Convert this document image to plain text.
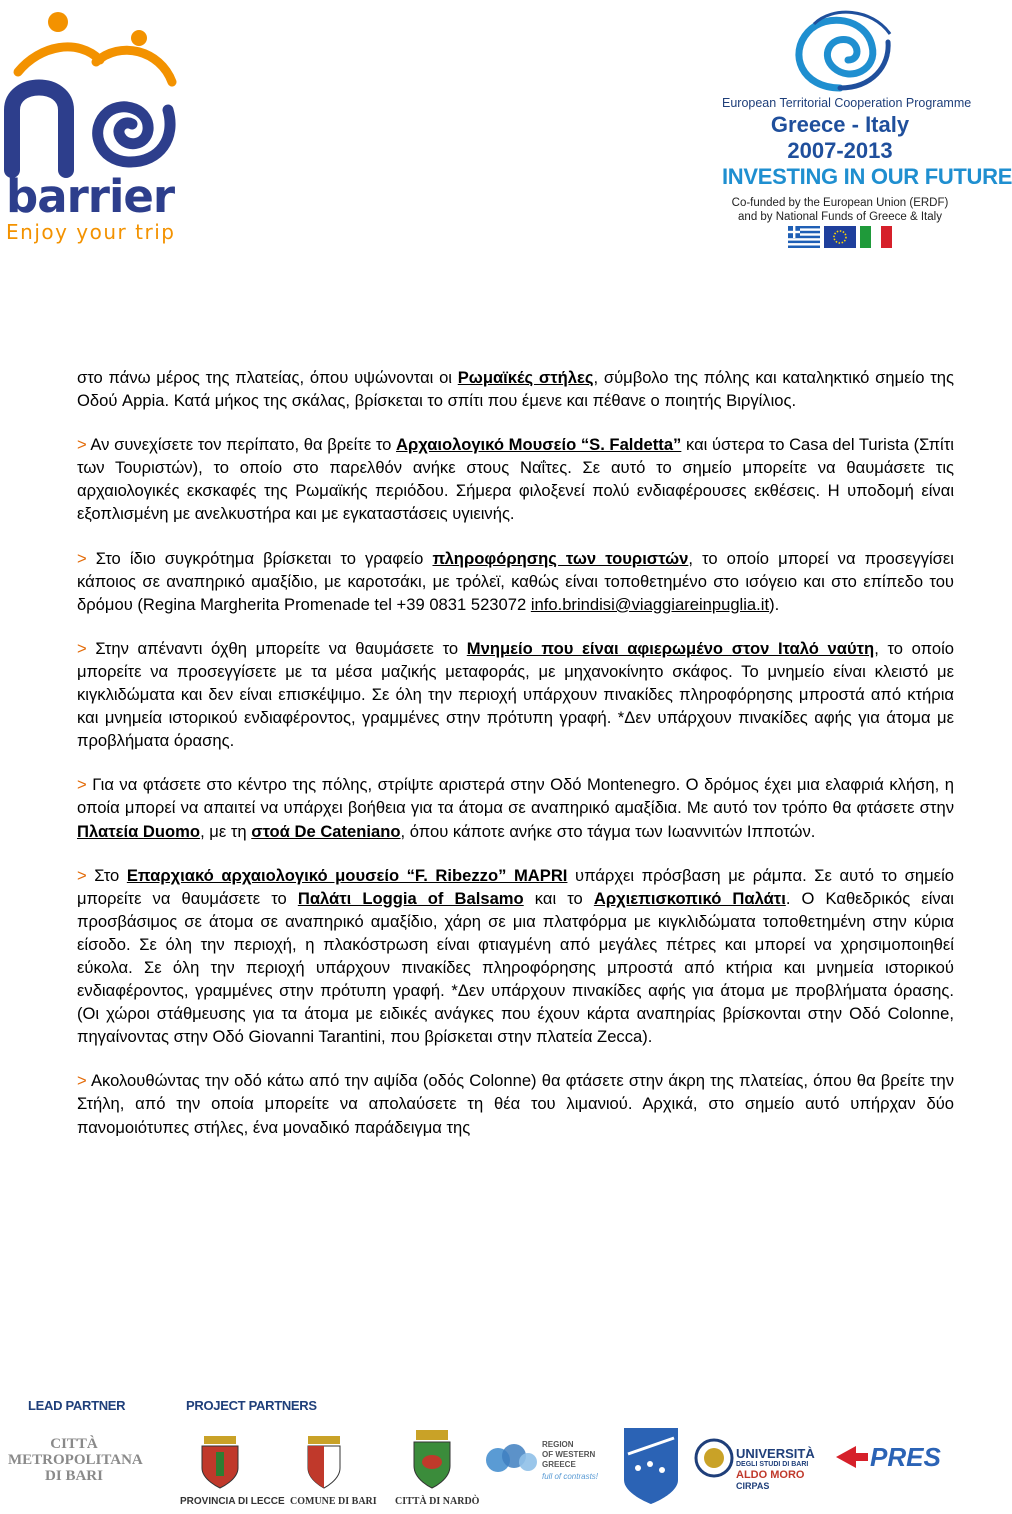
barrier
Enjoy your trip
European Territorial Cooperation Programme
Greece - Italy
2007-2013
INVESTING IN OUR FUTURE
Co-funded by the European Union (ERDF)
and by National Funds of Greece & Italy

στο πάνω μέρος της πλατείας, όπου υψώνονται οι Ρωμαϊκές στήλες, σύμβολο της πόλης και καταληκτικό σημείο της Οδού Appia. Κατά μήκος της σκάλας, βρίσκεται το σπίτι που έμενε και πέθανε ο ποιητής Βιργίλιος.

> Αν συνεχίσετε τον περίπατο, θα βρείτε το Αρχαιολογικό Μουσείο “S. Faldetta” και ύστερα το Casa del Turista (Σπίτι των Τουριστών), το οποίο στο παρελθόν ανήκε στους Ναΐτες. Σε αυτό το σημείο μπορείτε να θαυμάσετε τις αρχαιολογικές εκσκαφές της Ρωμαϊκής περιόδου. Σήμερα φιλοξενεί πολύ ενδιαφέρουσες εκθέσεις. Η υποδομή είναι εξοπλισμένη με ανελκυστήρα και με εγκαταστάσεις υγιεινής.

> Στο ίδιο συγκρότημα βρίσκεται το γραφείο πληροφόρησης των τουριστών, το οποίο μπορεί να προσεγγίσει κάποιος σε αναπηρικό αμαξίδιο, με καροτσάκι, με τρόλεϊ, καθώς είναι τοποθετημένο στο ισόγειο και στο επίπεδο του δρόμου (Regina Margherita Promenade tel +39 0831 523072 info.brindisi@viaggiareinpuglia.it).

> Στην απέναντι όχθη μπορείτε να θαυμάσετε το Μνημείο που είναι αφιερωμένο στον Ιταλό ναύτη, το οποίο μπορείτε να προσεγγίσετε με τα μέσα μαζικής μεταφοράς, με μηχανοκίνητο σκάφος. Το μνημείο είναι κλειστό με κιγκλιδώματα και δεν είναι επισκέψιμο. Σε όλη την περιοχή υπάρχουν πινακίδες πληροφόρησης μπροστά από κτήρια και μνημεία ιστορικού ενδιαφέροντος, γραμμένες στην πρότυπη γραφή. *Δεν υπάρχουν πινακίδες αφής για άτομα με προβλήματα όρασης.

> Για να φτάσετε στο κέντρο της πόλης, στρίψτε αριστερά στην Οδό Montenegro. Ο δρόμος έχει μια ελαφριά κλήση, η οποία μπορεί να απαιτεί να υπάρχει βοήθεια για τα άτομα σε αναπηρικό αμαξίδια. Με αυτό τον τρόπο θα φτάσετε στην Πλατεία Duomo, με τη στοά De Cateniano, όπου κάποτε ανήκε στο τάγμα των Ιωαννιτών Ιπποτών.

> Στο Επαρχιακό αρχαιολογικό μουσείο “F. Ribezzo” MAPRI υπάρχει πρόσβαση με ράμπα. Σε αυτό το σημείο μπορείτε να θαυμάσετε το Παλάτι Loggia of Balsamo και το Αρχιεπισκοπικό Παλάτι. Ο Καθεδρικός είναι προσβάσιμος σε άτομα σε αναπηρικό αμαξίδιο, χάρη σε μια πλατφόρμα με κιγκλιδώματα τοποθετημένη στην κύρια είσοδο. Σε όλη την περιοχή, η πλακόστρωση είναι φτιαγμένη από μεγάλες πέτρες και μπορεί να χρησιμοποιηθεί εύκολα. Σε όλη την περιοχή υπάρχουν πινακίδες πληροφόρησης μπροστά από κτήρια και μνημεία ιστορικού ενδιαφέροντος, γραμμένες στην πρότυπη γραφή. *Δεν υπάρχουν πινακίδες αφής για άτομα με προβλήματα όρασης. (Οι χώροι στάθμευσης για τα άτομα με ειδικές ανάγκες που έχουν κάρτα αναπηρίας βρίσκονται στην Οδό Colonne, πηγαίνοντας στην Οδό Giovanni Tarantini, που βρίσκεται στην πλατεία Zecca).

> Ακολουθώντας την οδό κάτω από την αψίδα (οδός Colonne) θα φτάσετε στην άκρη της πλατείας, όπου θα βρείτε την Στήλη, από την οποία μπορείτε να απολαύσετε τη θέα του λιμανιού. Αρχικά, στο σημείο αυτό υπήρχαν δύο πανομοιότυπες στήλες, ένα μοναδικό παράδειγμα της

LEAD PARTNER	PROJECT PARTNERS
CITTÀ METROPOLITANA DI BARI
PROVINCIA DI LECCE COMUNE DI BARI CITTÀ DI NARDÒ
REGION
OF WESTERN
GREECE
full of contrasts!
UNIVERSITÀ
DEGLI STUDI DI BARI
ALDO MORO
CIRPAS
PRES
